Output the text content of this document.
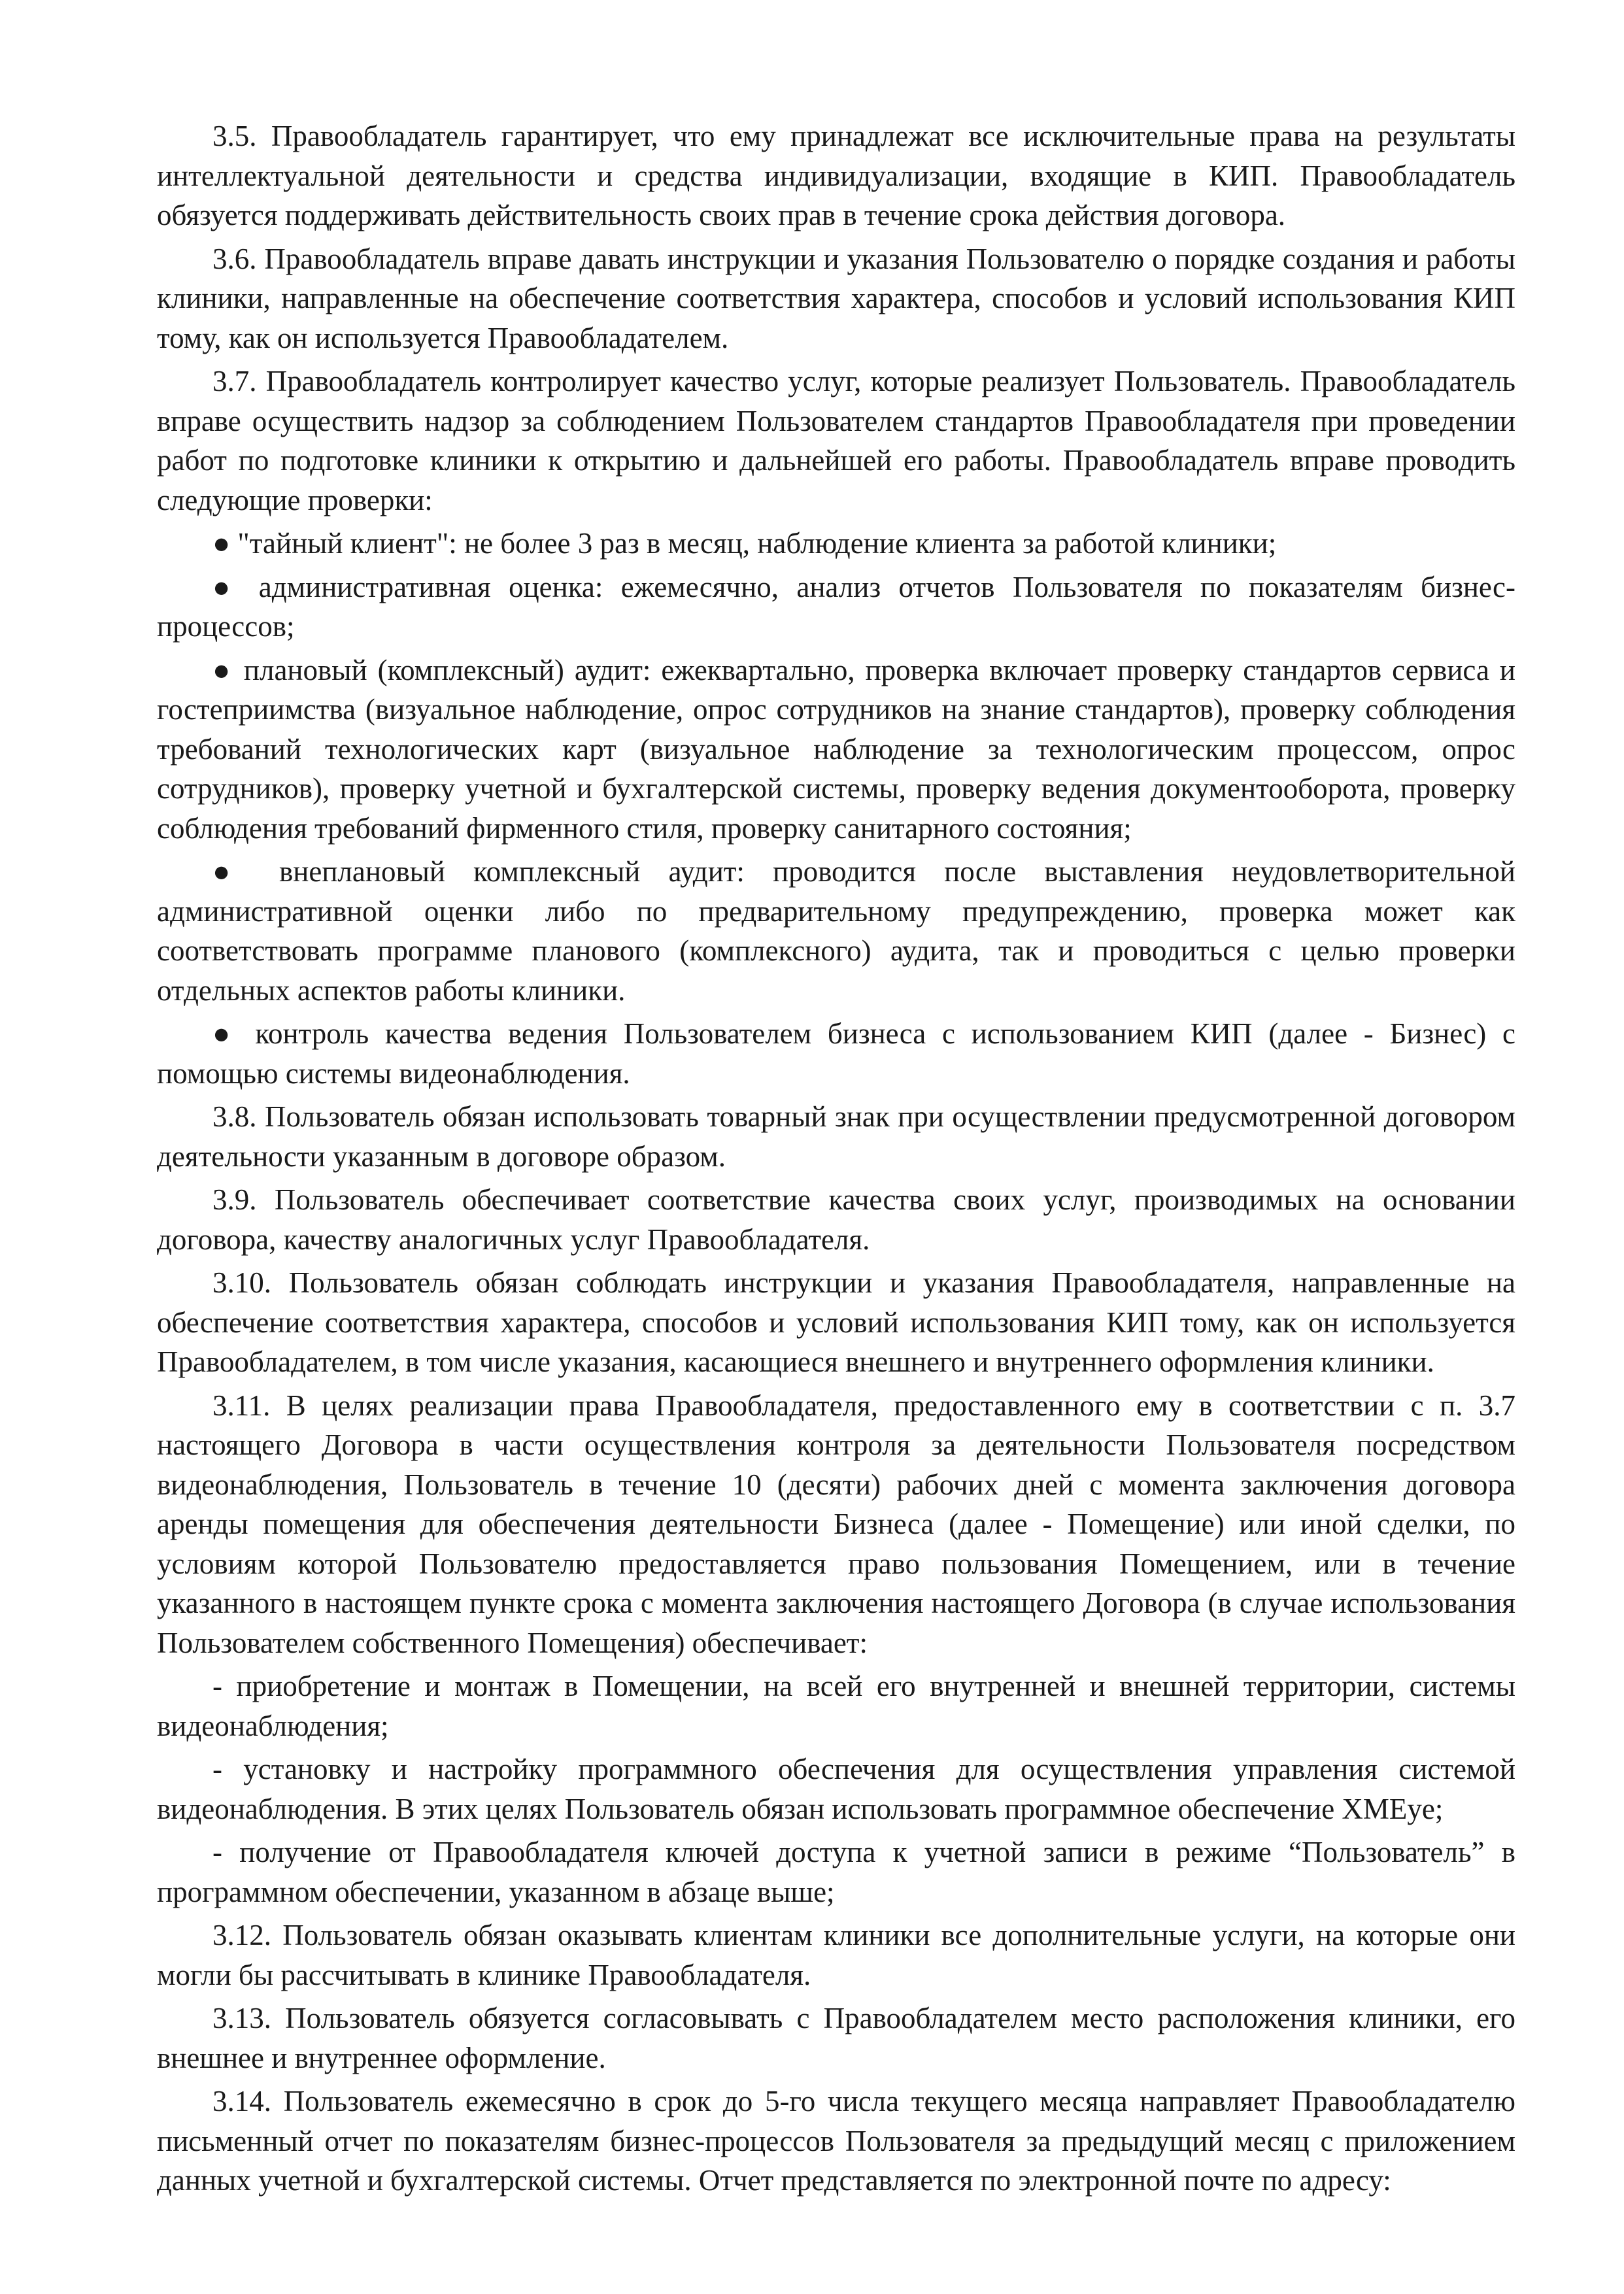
3.5. Правообладатель гарантирует, что ему принадлежат все исключительные права на результаты интеллектуальной деятельности и средства индивидуализации, входящие в КИП. Правообладатель обязуется поддерживать действительность своих прав в течение срока действия договора.

3.6. Правообладатель вправе давать инструкции и указания Пользователю о порядке создания и работы клиники, направленные на обеспечение соответствия характера, способов и условий использования КИП тому, как он используется Правообладателем.

3.7. Правообладатель контролирует качество услуг, которые реализует Пользователь. Правообладатель вправе осуществить надзор за соблюдением Пользователем стандартов Правообладателя при проведении работ по подготовке клиники к открытию и дальнейшей его работы. Правообладатель вправе проводить следующие проверки:

● "тайный клиент": не более 3 раз в месяц, наблюдение клиента за работой клиники;

● административная оценка: ежемесячно, анализ отчетов Пользователя по показателям бизнес-процессов;

● плановый (комплексный) аудит: ежеквартально, проверка включает проверку стандартов сервиса и гостеприимства (визуальное наблюдение, опрос сотрудников на знание стандартов), проверку соблюдения требований технологических карт (визуальное наблюдение за технологическим процессом, опрос сотрудников), проверку учетной и бухгалтерской системы, проверку ведения документооборота, проверку соблюдения требований фирменного стиля, проверку санитарного состояния;

● внеплановый комплексный аудит: проводится после выставления неудовлетворительной административной оценки либо по предварительному предупреждению, проверка может как соответствовать программе планового (комплексного) аудита, так и проводиться с целью проверки отдельных аспектов работы клиники.

● контроль качества ведения Пользователем бизнеса с использованием КИП (далее - Бизнес) с помощью системы видеонаблюдения.

3.8. Пользователь обязан использовать товарный знак при осуществлении предусмотренной договором деятельности указанным в договоре образом.

3.9. Пользователь обеспечивает соответствие качества своих услуг, производимых на основании договора, качеству аналогичных услуг Правообладателя.

3.10. Пользователь обязан соблюдать инструкции и указания Правообладателя, направленные на обеспечение соответствия характера, способов и условий использования КИП тому, как он используется Правообладателем, в том числе указания, касающиеся внешнего и внутреннего оформления клиники.

3.11. В целях реализации права Правообладателя, предоставленного ему в соответствии с п. 3.7 настоящего Договора в части осуществления контроля за деятельности Пользователя посредством видеонаблюдения, Пользователь в течение 10 (десяти) рабочих дней с момента заключения договора аренды помещения для обеспечения деятельности Бизнеса (далее - Помещение) или иной сделки, по условиям которой Пользователю предоставляется право пользования Помещением, или в течение указанного в настоящем пункте срока с момента заключения настоящего Договора (в случае использования Пользователем собственного Помещения) обеспечивает:

- приобретение и монтаж в Помещении, на всей его внутренней и внешней территории, системы видеонаблюдения;

- установку и настройку программного обеспечения для осуществления управления системой видеонаблюдения. В этих целях Пользователь обязан использовать программное обеспечение XMEye;

- получение от Правообладателя ключей доступа к учетной записи в режиме “Пользователь” в программном обеспечении, указанном в абзаце выше;

3.12. Пользователь обязан оказывать клиентам клиники все дополнительные услуги, на которые они могли бы рассчитывать в клинике Правообладателя.

3.13. Пользователь обязуется согласовывать с Правообладателем место расположения клиники, его внешнее и внутреннее оформление.

3.14. Пользователь ежемесячно в срок до 5-го числа текущего месяца направляет Правообладателю письменный отчет по показателям бизнес-процессов Пользователя за предыдущий месяц с приложением данных учетной и бухгалтерской системы. Отчет представляется по электронной почте по адресу:
